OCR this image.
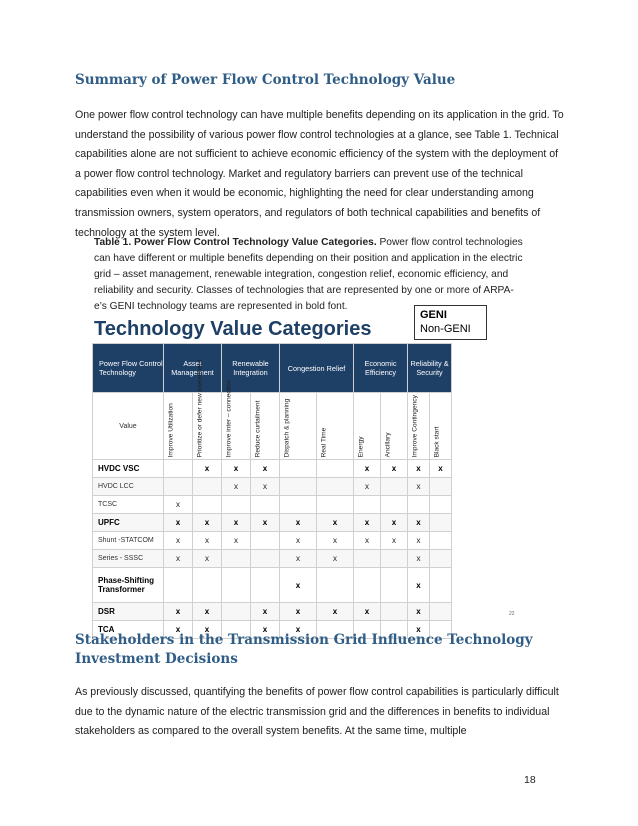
Summary of Power Flow Control Technology Value

One power flow control technology can have multiple benefits depending on its application in the grid. To understand the possibility of various power flow control technologies at a glance, see Table 1. Technical capabilities alone are not sufficient to achieve economic efficiency of the system with the deployment of a power flow control technology. Market and regulatory barriers can prevent use of the technical capabilities even when it would be economic, highlighting the need for clear understanding among transmission owners, system operators, and regulators of both technical capabilities and benefits of technology at the system level.

Table 1. Power Flow Control Technology Value Categories. Power flow control technologies can have different or multiple benefits depending on their position and application in the electric grid – asset management, renewable integration, congestion relief, economic efficiency, and reliability and security. Classes of technologies that are represented by one or more of ARPA-e’s GENI technology teams are represented in bold font.

Technology Value Categories
GENI
Non-GENI
Power Flow Control Technology	Asset Management		Renewable Integration		Congestion Relief		Economic Efficiency		Reliability & Security	
Value	Improve Utilization	Prioritize or defer new investment	Improve inter – connection	Reduce curtailment	Dispatch & planning	Real Time	Energy	Ancillary	Improve Contingency	Black start

HVDC VSC		x	x	x			x	x	x	x
HVDC LCC			x	x			x		x	
TCSC	x									
UPFC	x	x	x	x	x	x	x	x	x	
Shunt -STATCOM	x	x	x		x	x	x	x	x	
Series - SSSC	x	x			x	x			x	
Phase-Shifting Transformer					x				x	
DSR	x	x		x	x	x	x		x	
TCA	x	x		x	x				x	
22
Stakeholders in the Transmission Grid Influence Technology Investment Decisions

As previously discussed, quantifying the benefits of power flow control capabilities is particularly difficult due to the dynamic nature of the electric transmission grid and the differences in benefits to individual stakeholders as compared to the overall system benefits. At the same time, multiple

18
